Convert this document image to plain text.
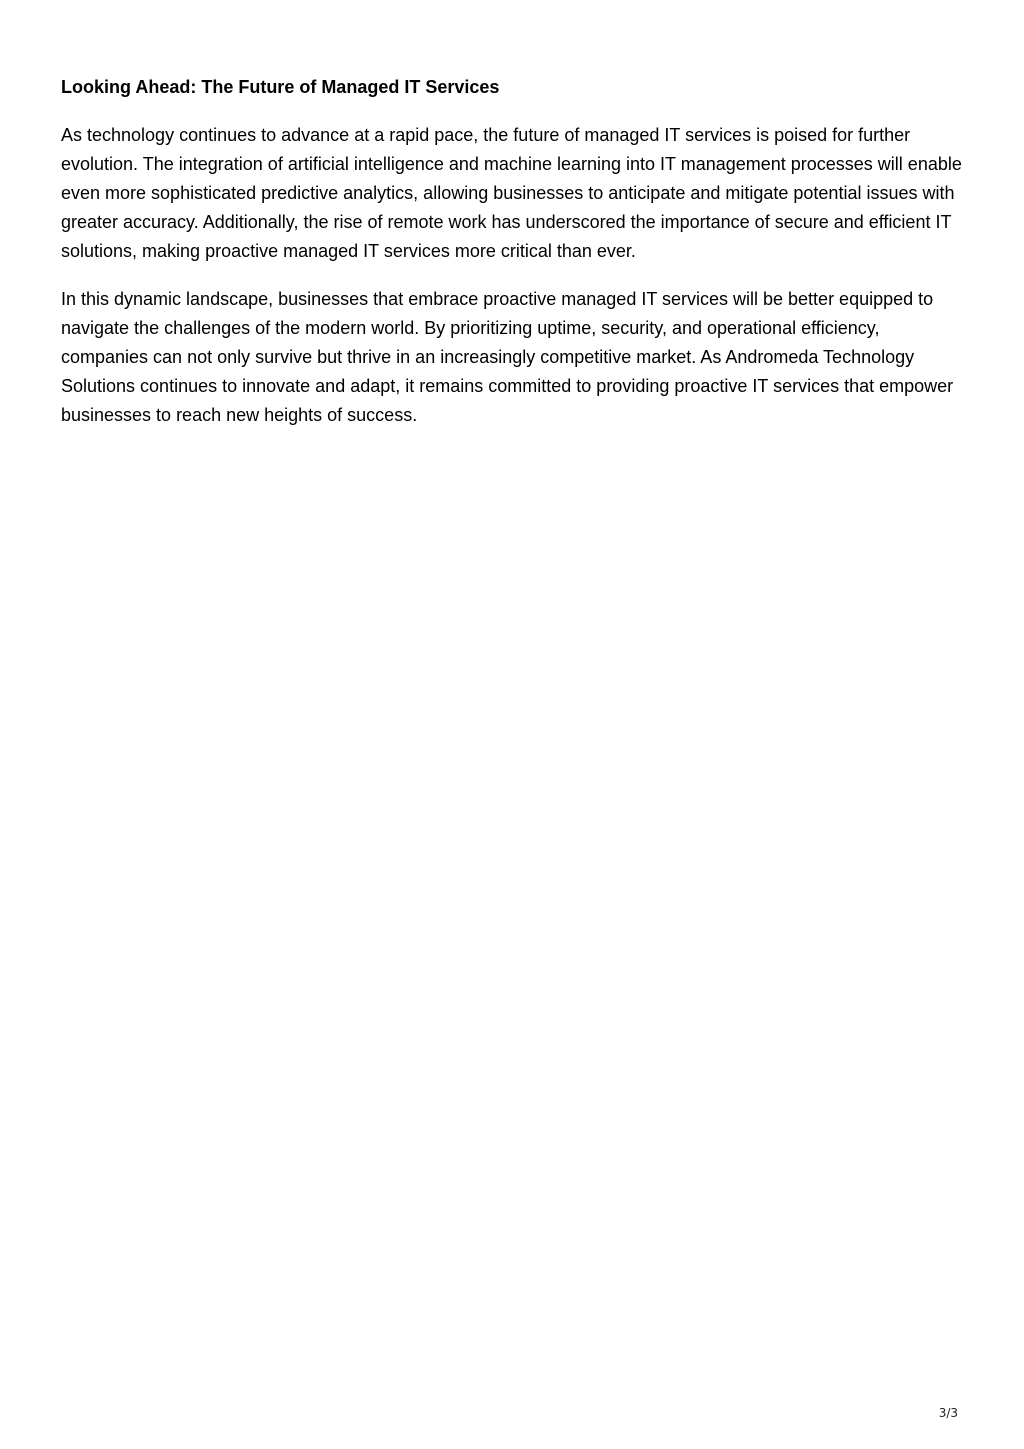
Looking Ahead: The Future of Managed IT Services

As technology continues to advance at a rapid pace, the future of managed IT services is poised for further evolution. The integration of artificial intelligence and machine learning into IT management processes will enable even more sophisticated predictive analytics, allowing businesses to anticipate and mitigate potential issues with greater accuracy. Additionally, the rise of remote work has underscored the importance of secure and efficient IT solutions, making proactive managed IT services more critical than ever.

In this dynamic landscape, businesses that embrace proactive managed IT services will be better equipped to navigate the challenges of the modern world. By prioritizing uptime, security, and operational efficiency, companies can not only survive but thrive in an increasingly competitive market. As Andromeda Technology Solutions continues to innovate and adapt, it remains committed to providing proactive IT services that empower businesses to reach new heights of success.

3/3
